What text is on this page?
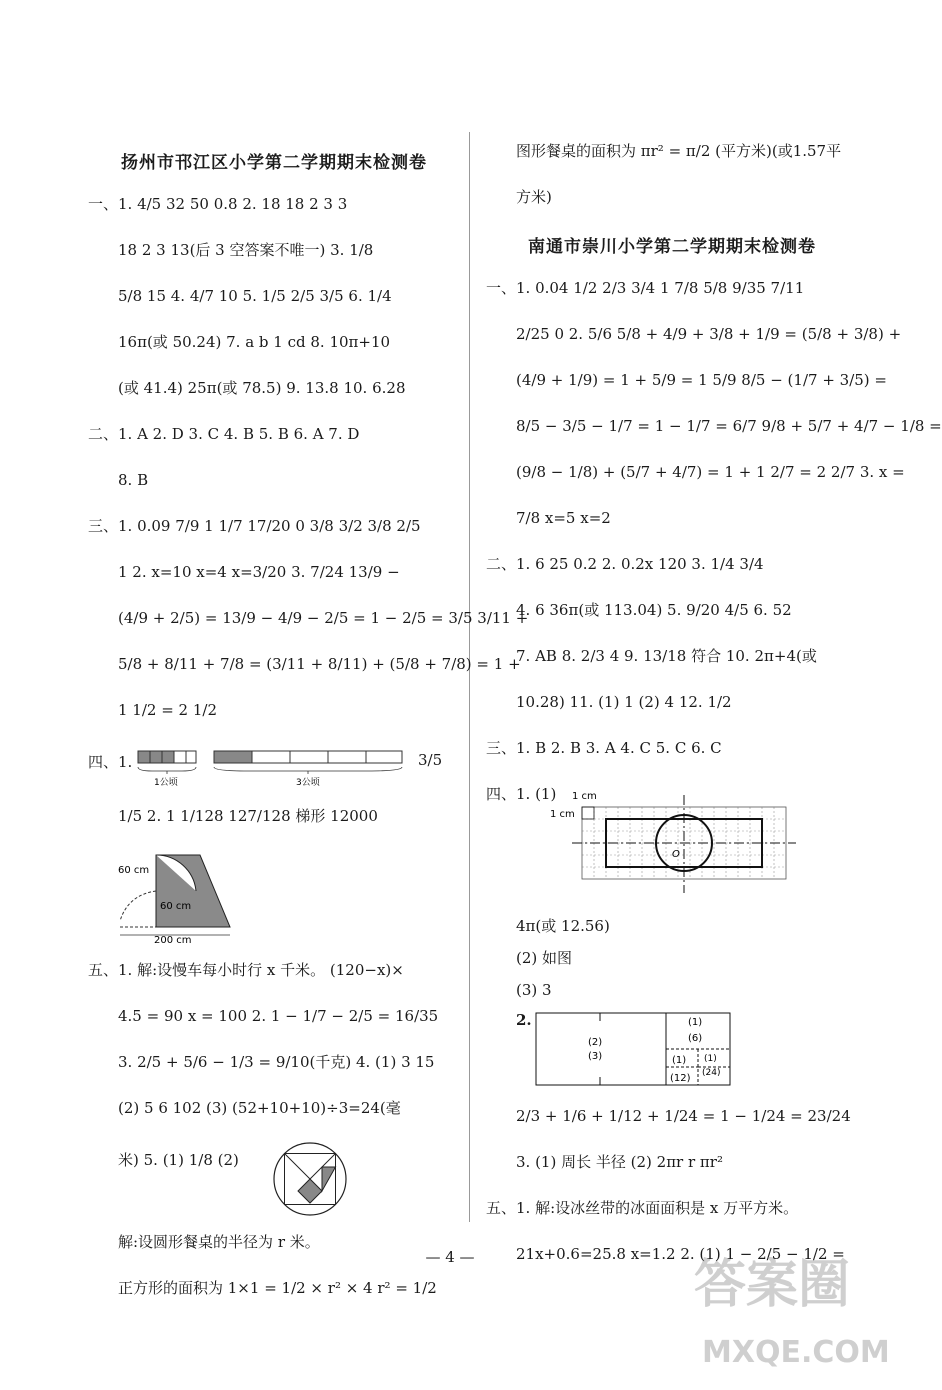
扬州市邗江区小学第二学期期末检测卷
一、1. 4/5 32 50 0.8 2. 18 18 2 3 3
18 2 3 13(后 3 空答案不唯一) 3. 1/8
5/8 15 4. 4/7 10 5. 1/5 2/5 3/5 6. 1/4
16π(或 50.24) 7. a b 1 cd 8. 10π+10
(或 41.4) 25π(或 78.5) 9. 13.8 10. 6.28
二、1. A 2. D 3. C 4. B 5. B 6. A 7. D
8. B
三、1. 0.09 7/9 1 1/7 17/20 0 3/8 3/2 3/8 2/5
1 2. x=10 x=4 x=3/20 3. 7/24 13/9 −
(4/9 + 2/5) = 13/9 − 4/9 − 2/5 = 1 − 2/5 = 3/5 3/11 +
5/8 + 8/11 + 7/8 = (3/11 + 8/11) + (5/8 + 7/8) = 1 +
1 1/2 = 2 1/2
四、1.
1公顷	3公顷
3/5
1/5 2. 1 1/128 127/128 梯形 12000
60 cm
60 cm
200 cm
五、1. 解:设慢车每小时行 x 千米。 (120−x)×
4.5 = 90 x = 100 2. 1 − 1/7 − 2/5 = 16/35
3. 2/5 + 5/6 − 1/3 = 9/10(千克) 4. (1) 3 15
(2) 5 6 102 (3) (52+10+10)÷3=24(毫
米) 5. (1) 1/8 (2)
解:设圆形餐桌的半径为 r 米。
正方形的面积为 1×1 = 1/2 × r² × 4 r² = 1/2
图形餐桌的面积为 πr² = π/2 (平方米)(或1.57平
方米)
南通市崇川小学第二学期期末检测卷
一、1. 0.04 1/2 2/3 3/4 1 7/8 5/8 9/35 7/11
2/25 0 2. 5/6 5/8 + 4/9 + 3/8 + 1/9 = (5/8 + 3/8) +
(4/9 + 1/9) = 1 + 5/9 = 1 5/9 8/5 − (1/7 + 3/5) =
8/5 − 3/5 − 1/7 = 1 − 1/7 = 6/7 9/8 + 5/7 + 4/7 − 1/8 =
(9/8 − 1/8) + (5/7 + 4/7) = 1 + 1 2/7 = 2 2/7 3. x =
7/8 x=5 x=2
二、1. 6 25 0.2 2. 0.2x 120 3. 1/4 3/4
4. 6 36π(或 113.04) 5. 9/20 4/5 6. 52
7. AB 8. 2/3 4 9. 13/18 符合 10. 2π+4(或
10.28) 11. (1) 1 (2) 4 12. 1/2
三、1. B 2. B 3. A 4. C 5. C 6. C
四、1. (1) 1 cm
1 cm
O
4π(或 12.56)
(2) 如图
(3) 3
2.
(2)
(3)
(1)
(6)
(1)
(24)
(1)
(12)
2/3 + 1/6 + 1/12 + 1/24 = 1 − 1/24 = 23/24
3. (1) 周长 半径 (2) 2πr r πr²
五、1. 解:设冰丝带的冰面面积是 x 万平方米。
21x+0.6=25.8 x=1.2 2. (1) 1 − 2/5 − 1/2 =
— 4 —	答案圈
MXQE.COM
